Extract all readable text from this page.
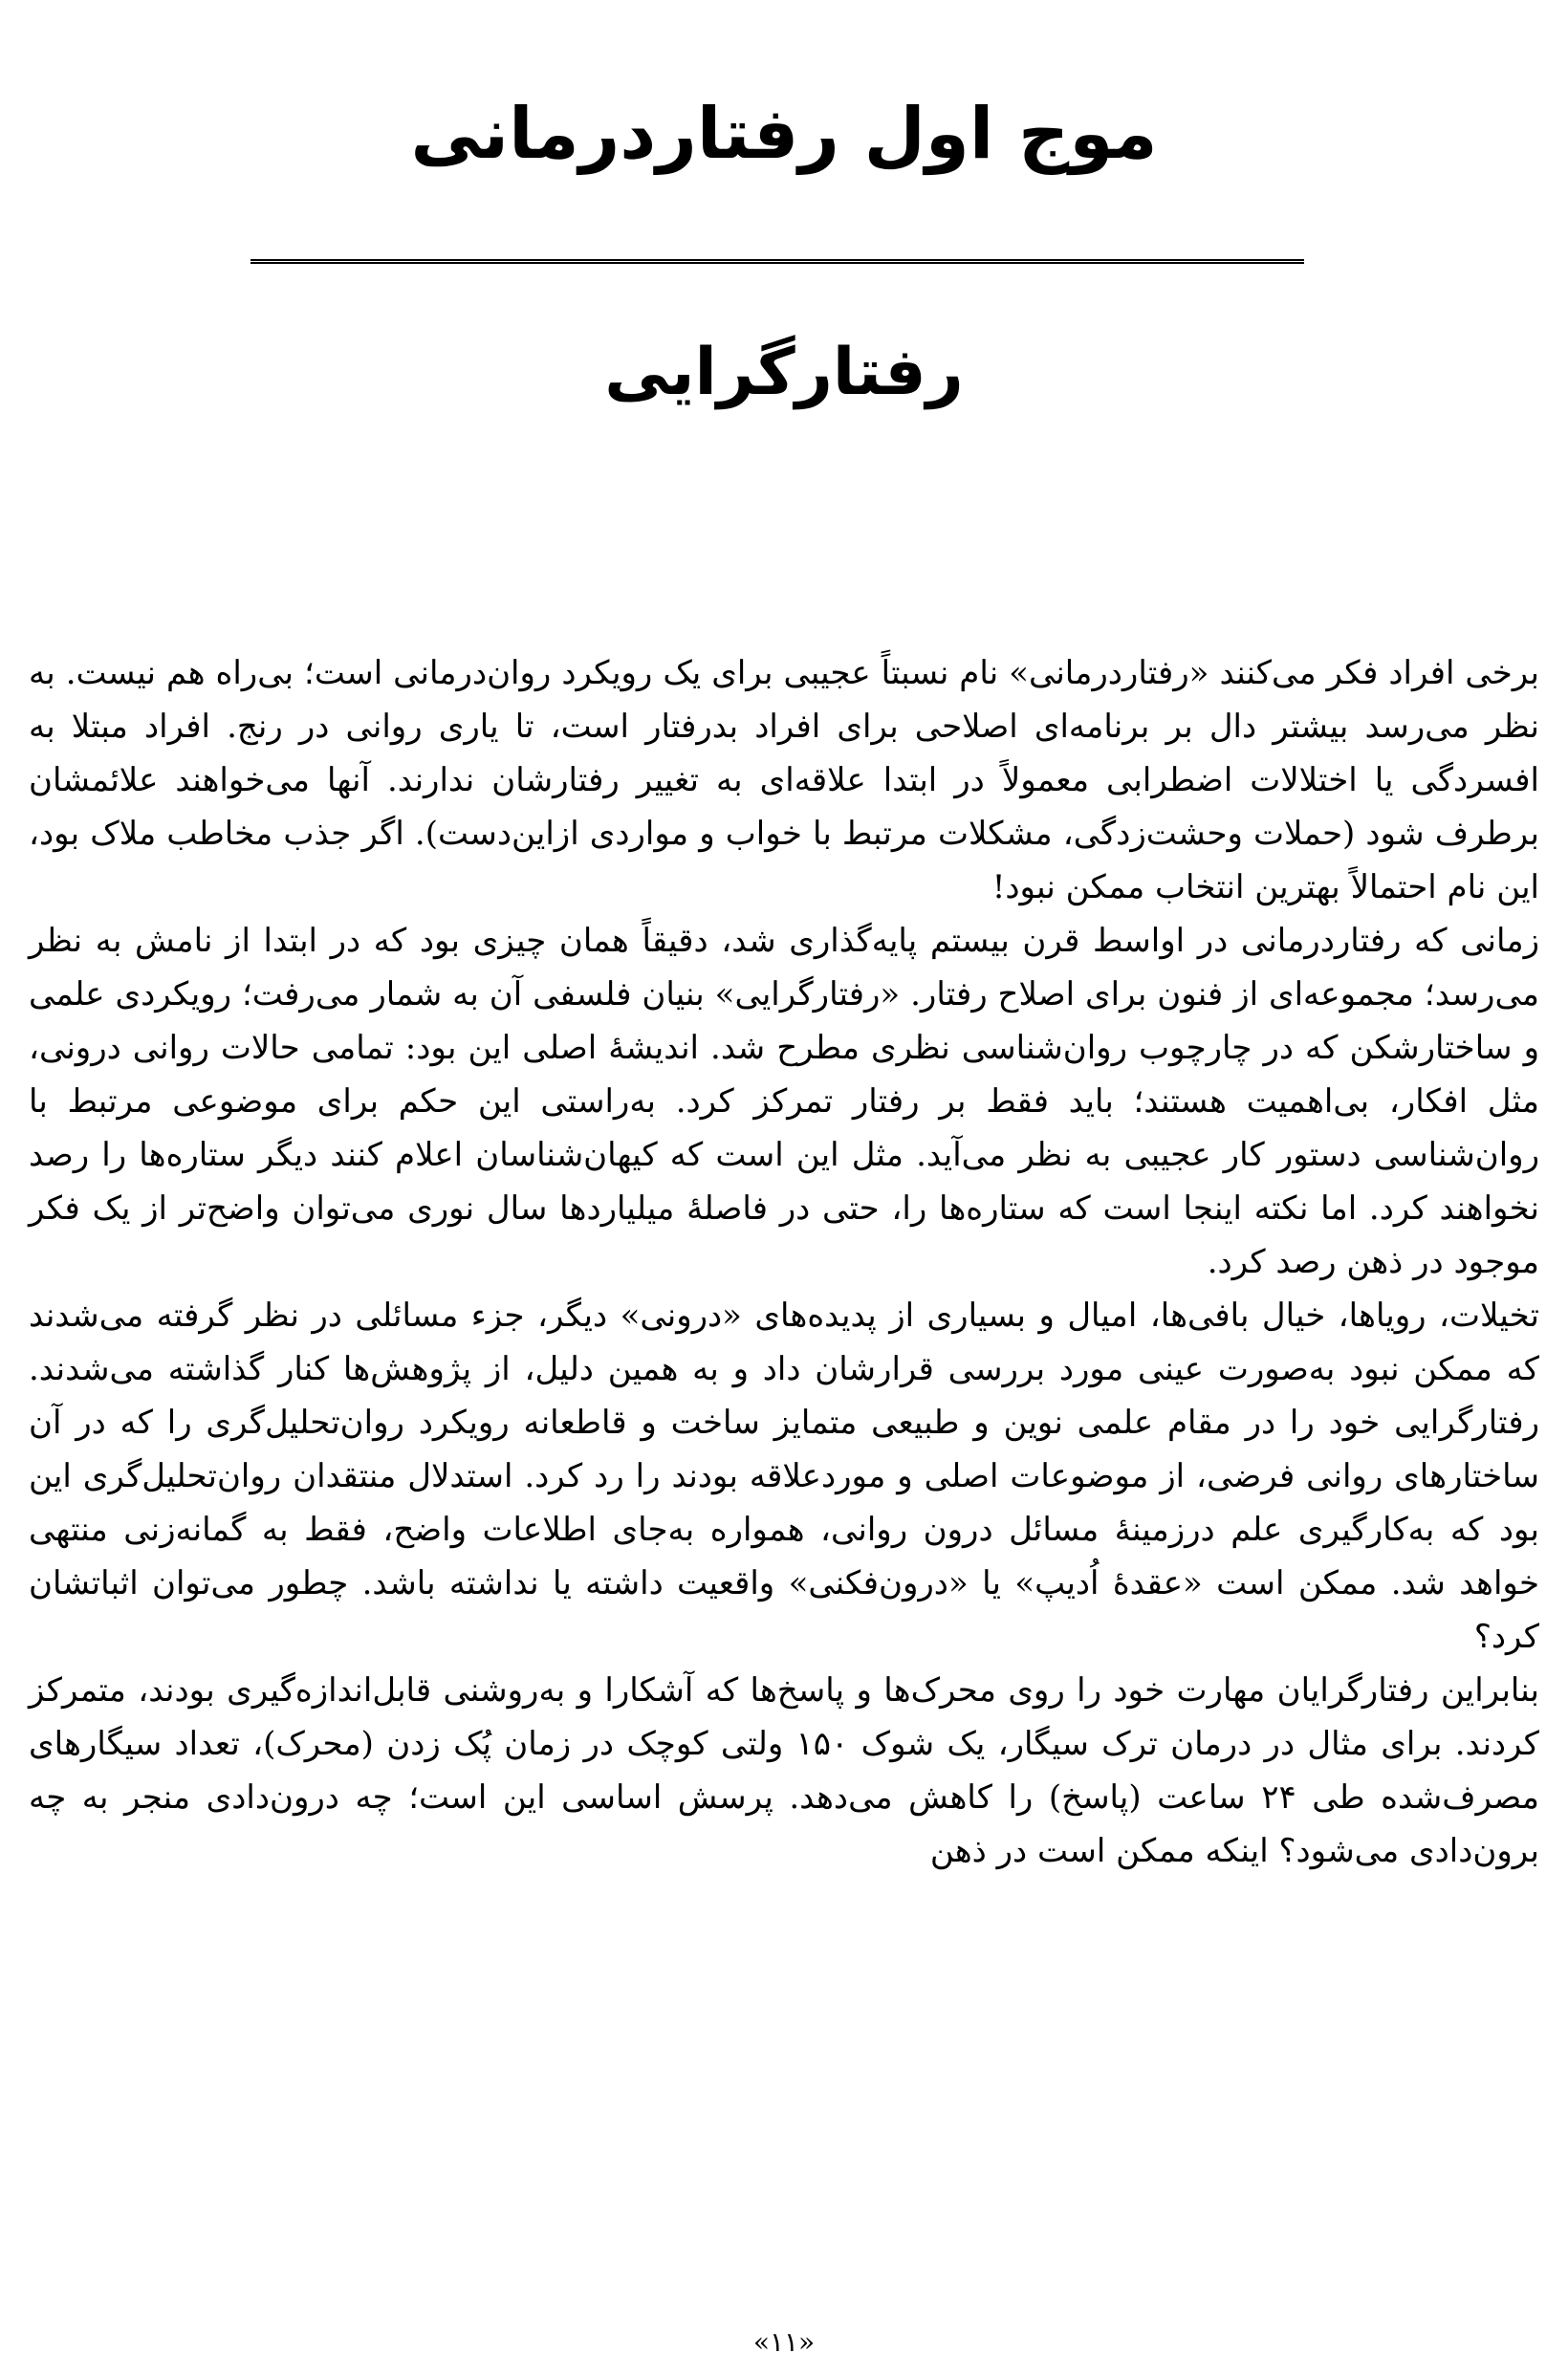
موج اول رفتاردرمانی
رفتارگرایی

برخی افراد فکر می‌کنند «رفتاردرمانی» نام نسبتاً عجیبی برای یک رویکرد روان‌درمانی است؛ بی‌راه هم نیست. به نظر می‌رسد بیشتر دال بر برنامه‌ای اصلاحی برای افراد بدرفتار است، تا یاری روانی در رنج. افراد مبتلا به افسردگی یا اختلالات اضطرابی معمولاً در ابتدا علاقه‌ای به تغییر رفتارشان ندارند. آنها می‌خواهند علائمشان برطرف شود (حملات وحشت‌زدگی، مشکلات مرتبط با خواب و مواردی ازاین‌دست). اگر جذب مخاطب ملاک بود، این نام احتمالاً بهترین انتخاب ممکن نبود!

زمانی که رفتاردرمانی در اواسط قرن بیستم پایه‌گذاری شد، دقیقاً همان چیزی بود که در ابتدا از نامش به نظر می‌رسد؛ مجموعه‌ای از فنون برای اصلاح رفتار. «رفتارگرایی» بنیان فلسفی آن به شمار می‌رفت؛ رویکردی علمی و ساختارشکن که در چارچوب روان‌شناسی نظری مطرح شد. اندیشهٔ اصلی این بود: تمامی حالات روانی درونی، مثل افکار، بی‌اهمیت هستند؛ باید فقط بر رفتار تمرکز کرد. به‌راستی این حکم برای موضوعی مرتبط با روان‌شناسی دستور کار عجیبی به نظر می‌آید. مثل این است که کیهان‌شناسان اعلام کنند دیگر ستاره‌ها را رصد نخواهند کرد. اما نکته اینجا است که ستاره‌ها را، حتی در فاصلهٔ میلیاردها سال نوری می‌توان واضح‌تر از یک فکر موجود در ذهن رصد کرد.

تخیلات، رویاها، خیال بافی‌ها، امیال و بسیاری از پدیده‌های «درونی» دیگر، جزء مسائلی در نظر گرفته می‌شدند که ممکن نبود به‌صورت عینی مورد بررسی قرارشان داد و به همین دلیل، از پژوهش‌ها کنار گذاشته می‌شدند. رفتارگرایی خود را در مقام علمی نوین و طبیعی متمایز ساخت و قاطعانه رویکرد روان‌تحلیل‌گری را که در آن ساختارهای روانی فرضی، از موضوعات اصلی و موردعلاقه بودند را رد کرد. استدلال منتقدان روان‌تحلیل‌گری این بود که به‌کارگیری علم درزمینهٔ مسائل درون روانی، همواره به‌جای اطلاعات واضح، فقط به گمانه‌زنی منتهی خواهد شد. ممکن است «عقدهٔ اُدیپ» یا «درون‌فکنی» واقعیت داشته یا نداشته باشد. چطور می‌توان اثباتشان کرد؟

بنابراین رفتارگرایان مهارت خود را روی محرک‌ها و پاسخ‌ها که آشکارا و به‌روشنی قابل‌اندازه‌گیری بودند، متمرکز کردند. برای مثال در درمان ترک سیگار، یک شوک ۱۵۰ ولتی کوچک در زمان پُک زدن (محرک)، تعداد سیگارهای مصرف‌شده طی ۲۴ ساعت (پاسخ) را کاهش می‌دهد. پرسش اساسی این است؛ چه درون‌دادی منجر به چه برون‌دادی می‌شود؟ اینکه ممکن است در ذهن

«۱۱»
